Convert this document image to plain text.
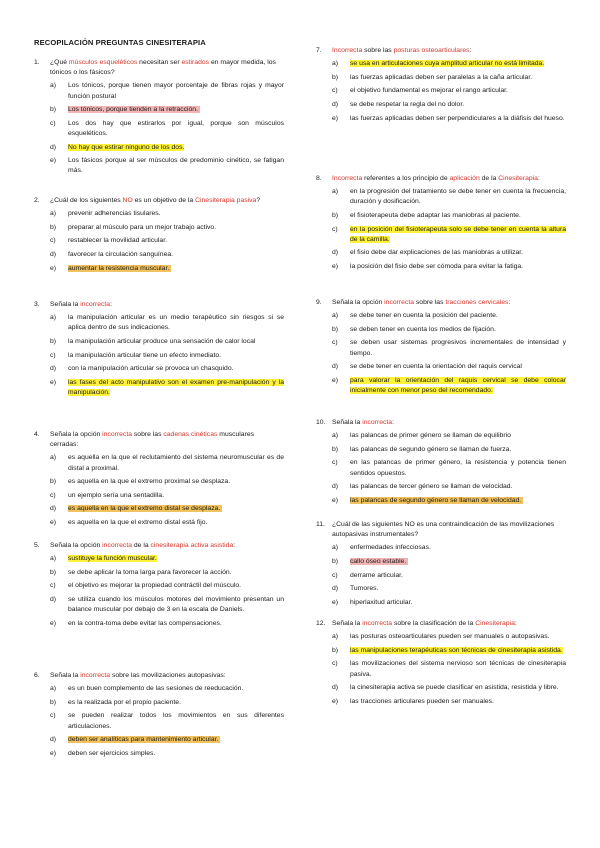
RECOPILACIÓN PREGUNTAS CINESITERAPIA
1.	¿Qué músculos esqueléticos necesitan ser estirados en mayor medida, los tónicos o los fásicos?
a)	Los tónicos, porque tienen mayor porcentaje de fibras rojas y mayor función postural
b)	Los tónicos, porque tienden a la retracción.
c)	Los dos hay que estirarlos por igual, porque son músculos esqueléticos.
d)	No hay que estirar ninguno de los dos.
e)	Los fásicos porque al ser músculos de predominio cinético, se fatigan más.
2.	¿Cuál de los siguientes NO es un objetivo de la Cinesiterapia pasiva?
a)	prevenir adherencias tisulares.
b)	preparar al músculo para un mejor trabajo activo.
c)	restablecer la movilidad articular.
d)	favorecer la circulación sanguínea.
e)	aumentar la resistencia muscular.
3.	Señala la incorrecta:
a)	la manipulación articular es un medio terapéutico sin riesgos si se aplica dentro de sus indicaciones.
b)	la manipulación articular produce una sensación de calor local
c)	la manipulación articular tiene un efecto inmediato.
d)	con la manipulación articular se provoca un chasquido.
e)	las fases del acto manipulativo son el examen pre-manipulación y la manipulación.
4.	Señala la opción incorrecta sobre las cadenas cinéticas musculares cerradas:
a)	es aquella en la que el reclutamiento del sistema neuromuscular es de distal a proximal.
b)	es aquella en la que el extremo proximal se desplaza.
c)	un ejemplo sería una sentadilla.
d)	es aquella en la que el extremo distal se desplaza.
e)	es aquella en la que el extremo distal está fijo.
5.	Señala la opción incorrecta de la cinesiterapia activa asistida:
a)	sustituye la función muscular.
b)	se debe aplicar la toma larga para favorecer la acción.
c)	el objetivo es mejorar la propiedad contráctil del músculo.
d)	se utiliza cuando los músculos motores del movimiento presentan un balance muscular por debajo de 3 en la escala de Daniels.
e)	en la contra-toma debe evitar las compensaciones.
6.	Señala la incorrecta sobre las movilizaciones autopasivas:
a)	es un buen complemento de las sesiones de reeducación.
b)	es la realizada por el propio paciente.
c)	se pueden realizar todos los movimientos en sus diferentes articulaciones.
d)	deben ser analíticas para mantenimiento articular.
e)	deben ser ejercicios simples.
7.	Incorrecta sobre las posturas osteoarticulares:
a)	se usa en articulaciones cuya amplitud articular no está limitada.
b)	las fuerzas aplicadas deben ser paralelas a la caña articular.
c)	el objetivo fundamental es mejorar el rango articular.
d)	se debe respetar la regla del no dolor.
e)	las fuerzas aplicadas deben ser perpendiculares a la diáfisis del hueso.
8.	Incorrecta referentes a los principio de aplicación de la Cinesiterapia:
a)	en la progresión del tratamiento se debe tener en cuenta la frecuencia, duración y dosificación.
b)	el fisioterapeuta debe adaptar las maniobras al paciente.
c)	en la posición del fisioterapeuta solo se debe tener en cuenta la altura de la camilla.
d)	el fisio debe dar explicaciones de las maniobras a utilizar.
e)	la posición del fisio debe ser cómoda para evitar la fatiga.
9.	Señala la opción incorrecta sobre las tracciones cervicales:
a)	se debe tener en cuenta la posición del paciente.
b)	se deben tener en cuenta los medios de fijación.
c)	se deben usar sistemas progresivos incrementales de intensidad y tiempo.
d)	se debe tener en cuenta la orientación del raquis cervical
e)	para valorar la orientación del raquis cervical se debe colocar inicialmente con menor peso del recomendado.
10. Señala la incorrecta:
a)	las palancas de primer género se llaman de equilibrio
b)	las palancas de segundo género se llaman de fuerza.
c)	en las palancas de primer género, la resistencia y potencia tienen sentidos opuestos.
d)	las palancas de tercer género se llaman de velocidad.
e)	las palancas de segundo género se llaman de velocidad.
11.	¿Cuál de las siguientes NO es una contraindicación de las movilizaciones autopasivas instrumentales?
a)	enfermedades infecciosas.
b)	callo óseo estable.
c)	derrame articular.
d)	Tumores.
e)	hiperlaxitud articular.
12. Señala la incorrecta sobre la clasificación de la Cinesiterapia:
a)	las posturas osteoarticulares pueden ser manuales o autopasivas.
b)	las manipulaciones terapéuticas son técnicas de cinesiterapia asistida.
c)	las movilizaciones del sistema nervioso son técnicas de cinesiterapia pasiva.
d)	la cinesiterapia activa se puede clasificar en asistida, resistida y libre.
e)	las tracciones articulares pueden ser manuales.
